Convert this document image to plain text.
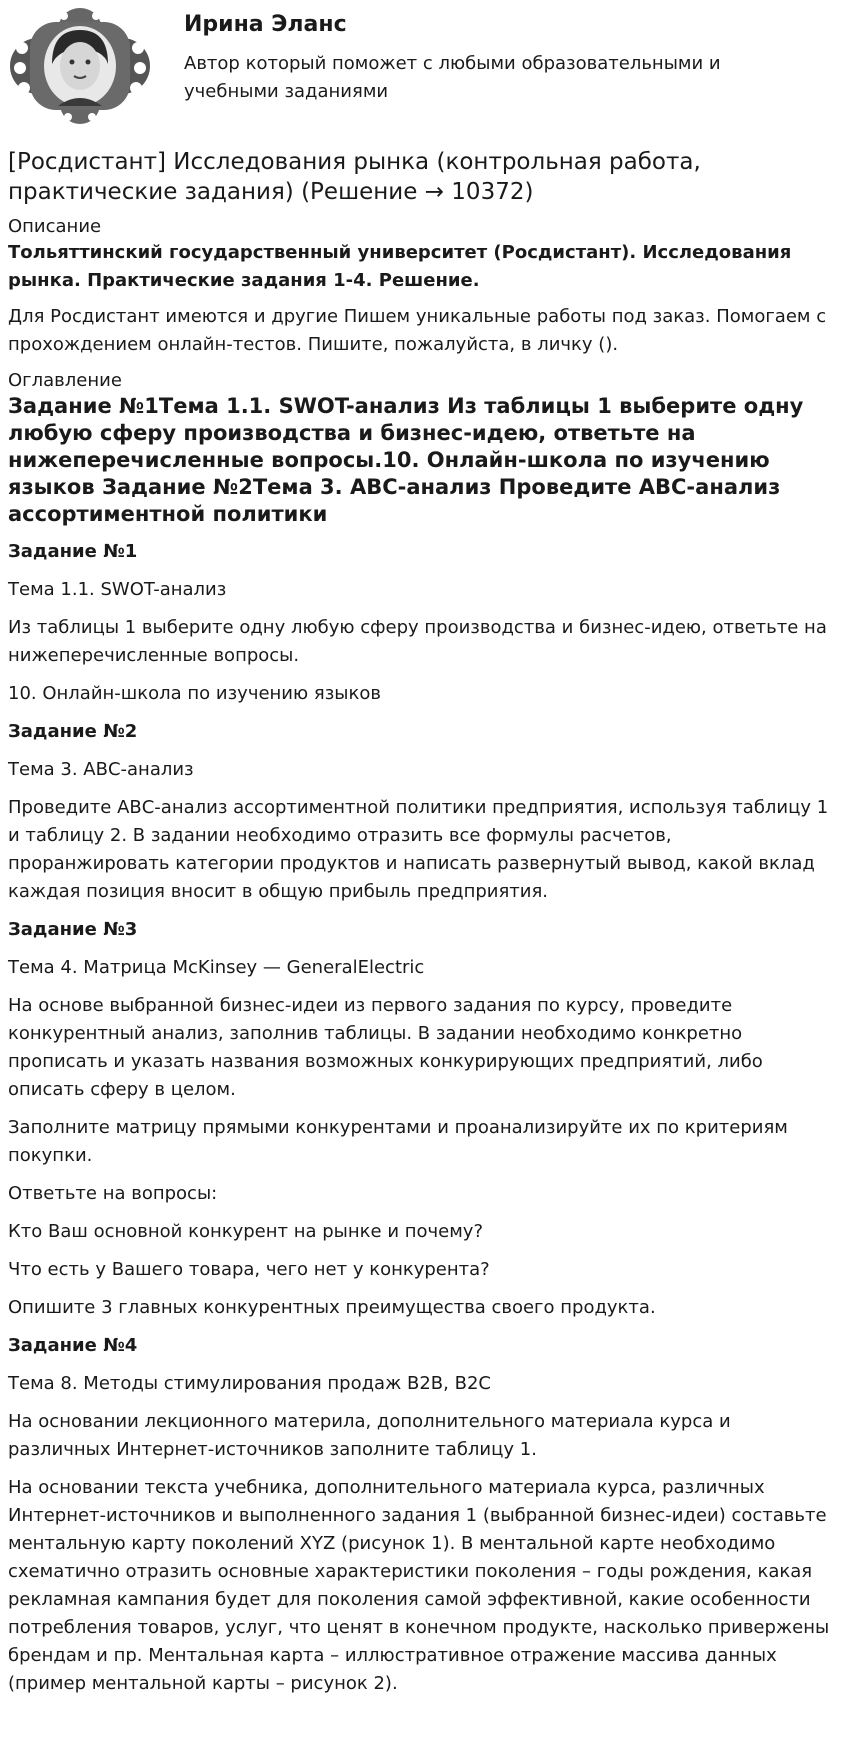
Ирина Эланс

Автор который поможет с любыми образовательными и учебными заданиями

[Росдистант] Исследования рынка (контрольная работа, практические задания) (Решение → 10372)

Описание

Тольяттинский государственный университет (Росдистант). Исследования рынка. Практические задания 1-4. Решение.

Для Росдистант имеются и другие Пишем уникальные работы под заказ. Помогаем с прохождением онлайн-тестов. Пишите, пожалуйста, в личку ().

Оглавление

Задание №1Тема 1.1. SWOT-анализ Из таблицы 1 выберите одну любую сферу производства и бизнес-идею, ответьте на нижеперечисленные вопросы.10. Онлайн-школа по изучению языков Задание №2Тема 3. АВС-анализ Проведите АВС-анализ ассортиментной политики

Задание №1

Тема 1.1. SWOT-анализ

Из таблицы 1 выберите одну любую сферу производства и бизнес-идею, ответьте на нижеперечисленные вопросы.

10. Онлайн-школа по изучению языков

Задание №2

Тема 3. АВС-анализ

Проведите АВС-анализ ассортиментной политики предприятия, используя таблицу 1 и таблицу 2. В задании необходимо отразить все формулы расчетов, проранжировать категории продуктов и написать развернутый вывод, какой вклад каждая позиция вносит в общую прибыль предприятия.

Задание №3

Тема 4. Матрица McKinsey — GeneralElectric

На основе выбранной бизнес-идеи из первого задания по курсу, проведите конкурентный анализ, заполнив таблицы. В задании необходимо конкретно прописать и указать названия возможных конкурирующих предприятий, либо описать сферу в целом.

Заполните матрицу прямыми конкурентами и проанализируйте их по критериям покупки.

Ответьте на вопросы:

Кто Ваш основной конкурент на рынке и почему?

Что есть у Вашего товара, чего нет у конкурента?

Опишите 3 главных конкурентных преимущества своего продукта.

Задание №4

Тема 8. Методы стимулирования продаж B2B, B2C

На основании лекционного материла, дополнительного материала курса и различных Интернет-источников заполните таблицу 1.

На основании текста учебника, дополнительного материала курса, различных Интернет-источников и выполненного задания 1 (выбранной бизнес-идеи) составьте ментальную карту поколений XYZ (рисунок 1). В ментальной карте необходимо схематично отразить основные характеристики поколения – годы рождения, какая рекламная кампания будет для поколения самой эффективной, какие особенности потребления товаров, услуг, что ценят в конечном продукте, насколько привержены брендам и пр. Ментальная карта – иллюстративное отражение массива данных (пример ментальной карты – рисунок 2).
